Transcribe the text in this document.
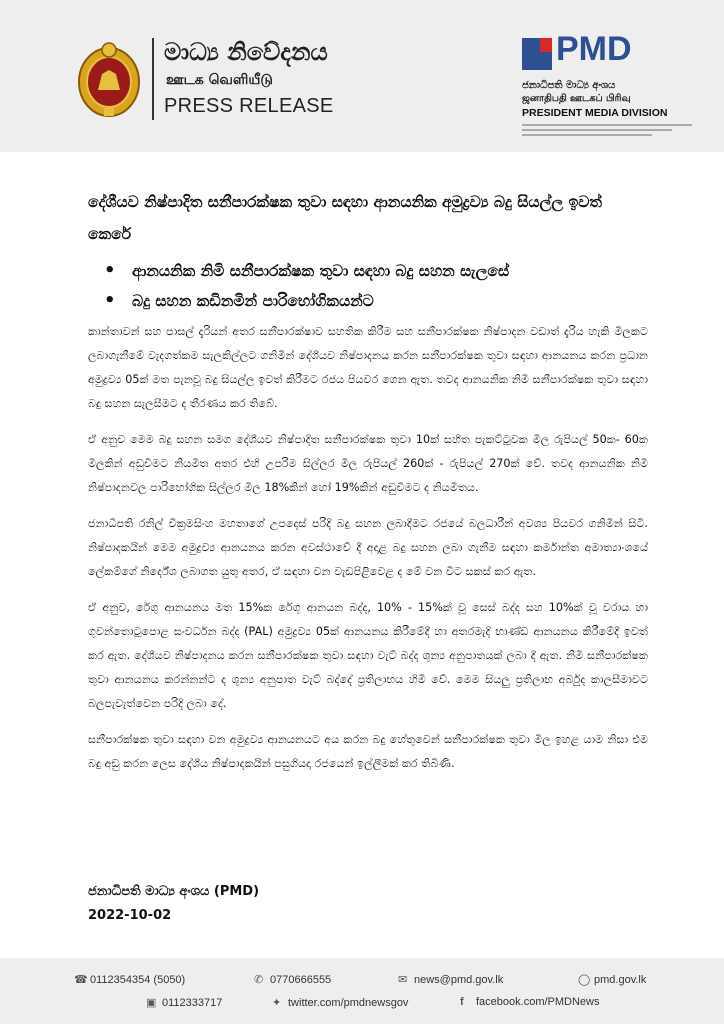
මාධ්‍ය නිවේදනය
ஊடக வெளியீடு
PRESS RELEASE
PMD
ජනාධිපති මාධ්‍ය අංශය
ஜனாதிபதி ஊடகப் பிரிவு
PRESIDENT MEDIA DIVISION
දේශීයව නිෂ්පාදිත සනීපාරක්ෂක තුවා සඳහා ආනයනික අමුද්‍රව්‍ය බදු සියල්ල ඉවත් කෙරේ
• ආනයනික නිමි සනීපාරක්ෂක තුවා සඳහා බදු සහන සැලසේ
• බදු සහන කඩිනමින් පාරිභෝගිකයන්ට

කාන්තාවන් සහ පාසල් දැරියන් අතර සනීපාරක්ෂාව සහතික කිරීම සහ සනීපාරක්ෂක නිෂ්පාදන වඩාත් දැරිය හැකි මිලකට ලබාගැනීමේ වැදගත්කම සැලකිල්ලට ගනිමින් දේශීයව නිෂ්පාදනය කරන සනීපාරක්ෂක තුවා සඳහා ආනයනය කරන ප්‍රධාන අමුද්‍රව්‍ය 05ක් මත පැනවූ බදු සියල්ල ඉවත් කිරීමට රජය පියවර ගෙන ඇත. තවද ආනයනික නිමි සනීපාරක්ෂක තුවා සඳහා බදු සහන සැලසීමට ද තීරණය කර තිබේ.

ඒ අනුව මෙම බදු සහන සමග දේශීයව නිෂ්පාදිත සනීපාරක්ෂක තුවා 10ක් සහිත පැකට්ටුවක මිල රුපියල් 50ක- 60ක මිලකින් අඩුවීමට නියමිත අතර එහි උපරිම සිල්ලර මිල රුපියල් 260ක් - රුපියල් 270ක් වේ. තවද ආනයනික නිමි නිෂ්පාදනවල පාරිභෝගික සිල්ලර මිල 18%කින් හෝ 19%කින් අඩුවීමට ද නියමිතය.

ජනාධිපති රනිල් වික්‍රමසිංහ මහතාගේ උපදෙස් පරිදි බදු සහන ලබාදීමට රජයේ බලධාරීන් අවශ්‍ය පියවර ගනිමින් සිටී. නිෂ්පාදකයින් මෙම අමුද්‍රව්‍ය ආනයනය කරන අවස්ථාවේ දී අදාළ බදු සහන ලබා ගැනීම සඳහා කර්මාන්ත අමාත්‍යාංශයේ ලේකම්ගේ නිර්දේශ ලබාගත යුතු අතර, ඒ සඳහා වන වැඩපිළිවෙළ ද මේ වන විට සකස් කර ඇත.

ඒ අනුව, රේගු ආනයනය මත 15%ක රේගු ආනයන බද්ද, 10% - 15%ක් වූ සෙස් බද්ද සහ 10%ක් වූ වරාය හා ගුවන්තොටුපොළ සංවර්ධන බද්ද (PAL) අමුද්‍රව්‍ය 05ක් ආනයනය කිරීමේදී හා අතරමැදි භාණ්ඩ ආනයනය කිරීමේදී ඉවත් කර ඇත. දේශීයව නිෂ්පාදනය කරන සනීපාරක්ෂක තුවා සඳහා වැට් බද්ද ශුන්‍ය අනුපාතයක් ලබා දී ඇත. නිමි සනීපාරක්ෂක තුවා ආනයනය කරන්නන්ට ද ශුන්‍ය අනුපාත වැට් බද්දේ ප්‍රතිලාභය හිමි වේ. මෙම සියලු ප්‍රතිලාභ අර්බුද කාලසීමාවට බලපැවැත්වෙන පරිදි ලබා දේ.

සනීපාරක්ෂක තුවා සඳහා වන අමුද්‍රව්‍ය ආනයනයට අය කරන බදු හේතුවෙන් සනීපාරක්ෂක තුවා මිල ඉහළ යාම නිසා එම බදු අඩු කරන ලෙස දේශීය නිෂ්පාදකයින් පසුගියදා රජයෙන් ඉල්ලීමක් කර තිබිණි.

ජනාධිපති මාධ්‍ය අංශය (PMD)
2022-10-02
☎ 0112354354 (5050)	✆ 0770666555	✉ news@pmd.gov.lk	◯ pmd.gov.lk
▣ 0112333717	✦ twitter.com/pmdnewsgov	f facebook.com/PMDNews
